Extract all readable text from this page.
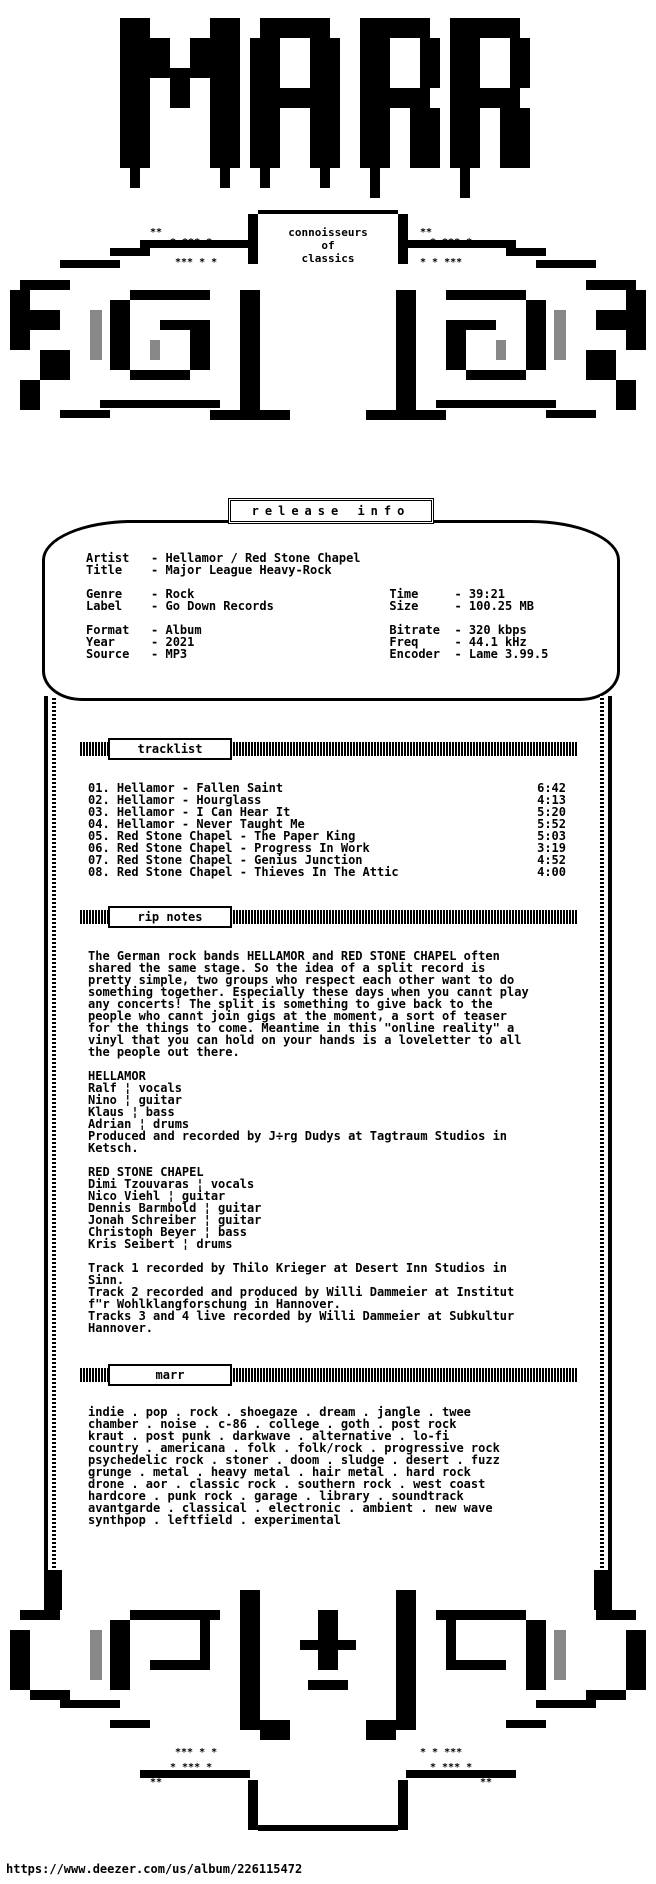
**
* *** *
*** * *
**
* *** *
* * ***
connoisseurs
of
classics
release info
Artist   - Hellamor / Red Stone Chapel
Title    - Major League Heavy-Rock
Genre    - Rock                           Time     - 39:21
Label    - Go Down Records                Size     - 100.25 MB
Format   - Album                          Bitrate  - 320 kbps
Year     - 2021                           Freq     - 44.1 kHz
Source   - MP3                            Encoder  - Lame 3.99.5
tracklist
01. Hellamor - Fallen Saint	6:42
02. Hellamor - Hourglass	4:13
03. Hellamor - I Can Hear It	5:20
04. Hellamor - Never Taught Me	5:52
05. Red Stone Chapel - The Paper King	5:03
06. Red Stone Chapel - Progress In Work	3:19
07. Red Stone Chapel - Genius Junction	4:52
08. Red Stone Chapel - Thieves In The Attic	4:00
rip notes
The German rock bands HELLAMOR and RED STONE CHAPEL often
shared the same stage. So the idea of a split record is
pretty simple, two groups who respect each other want to do
something together. Especially these days when you can∩t play
any concerts! The split is something to give back to the
people who can∩t join gigs at the moment, a sort of teaser
for the things to come. Meantime in this "online reality" a
vinyl that you can hold on your hands is a loveletter to all
the people out there.

HELLAMOR
Ralf ¦ vocals
Nino ¦ guitar
Klaus ¦ bass
Adrian ¦ drums
Produced and recorded by J÷rg Dudys at Tagtraum Studios in
Ketsch.

RED STONE CHAPEL
Dimi Tzouvaras ¦ vocals
Nico Viehl ¦ guitar
Dennis Barmbold ¦ guitar
Jonah Schreiber ¦ guitar
Christoph Beyer ¦ bass
Kris Seibert ¦ drums

Track 1 recorded by Thilo Krieger at Desert Inn Studios in
Sinn.
Track 2 recorded and produced by Willi Dammeier at Institut
f"r Wohlklangforschung in Hannover.
Tracks 3 and 4 live recorded by Willi Dammeier at Subkultur
Hannover.
marr
indie . pop . rock . shoegaze . dream . jangle . twee
chamber . noise . c-86 . college . goth . post rock
kraut . post punk . darkwave . alternative . lo-fi
country . americana . folk . folk/rock . progressive rock
psychedelic rock . stoner . doom . sludge . desert . fuzz
grunge . metal . heavy metal . hair metal . hard rock
drone . aor . classic rock . southern rock . west coast
hardcore . punk rock . garage . library . soundtrack
avantgarde . classical . electronic . ambient . new wave
synthpop . leftfield . experimental
*** * *
* *** *
**
* * ***
* *** *
**
https://www.deezer.com/us/album/226115472
